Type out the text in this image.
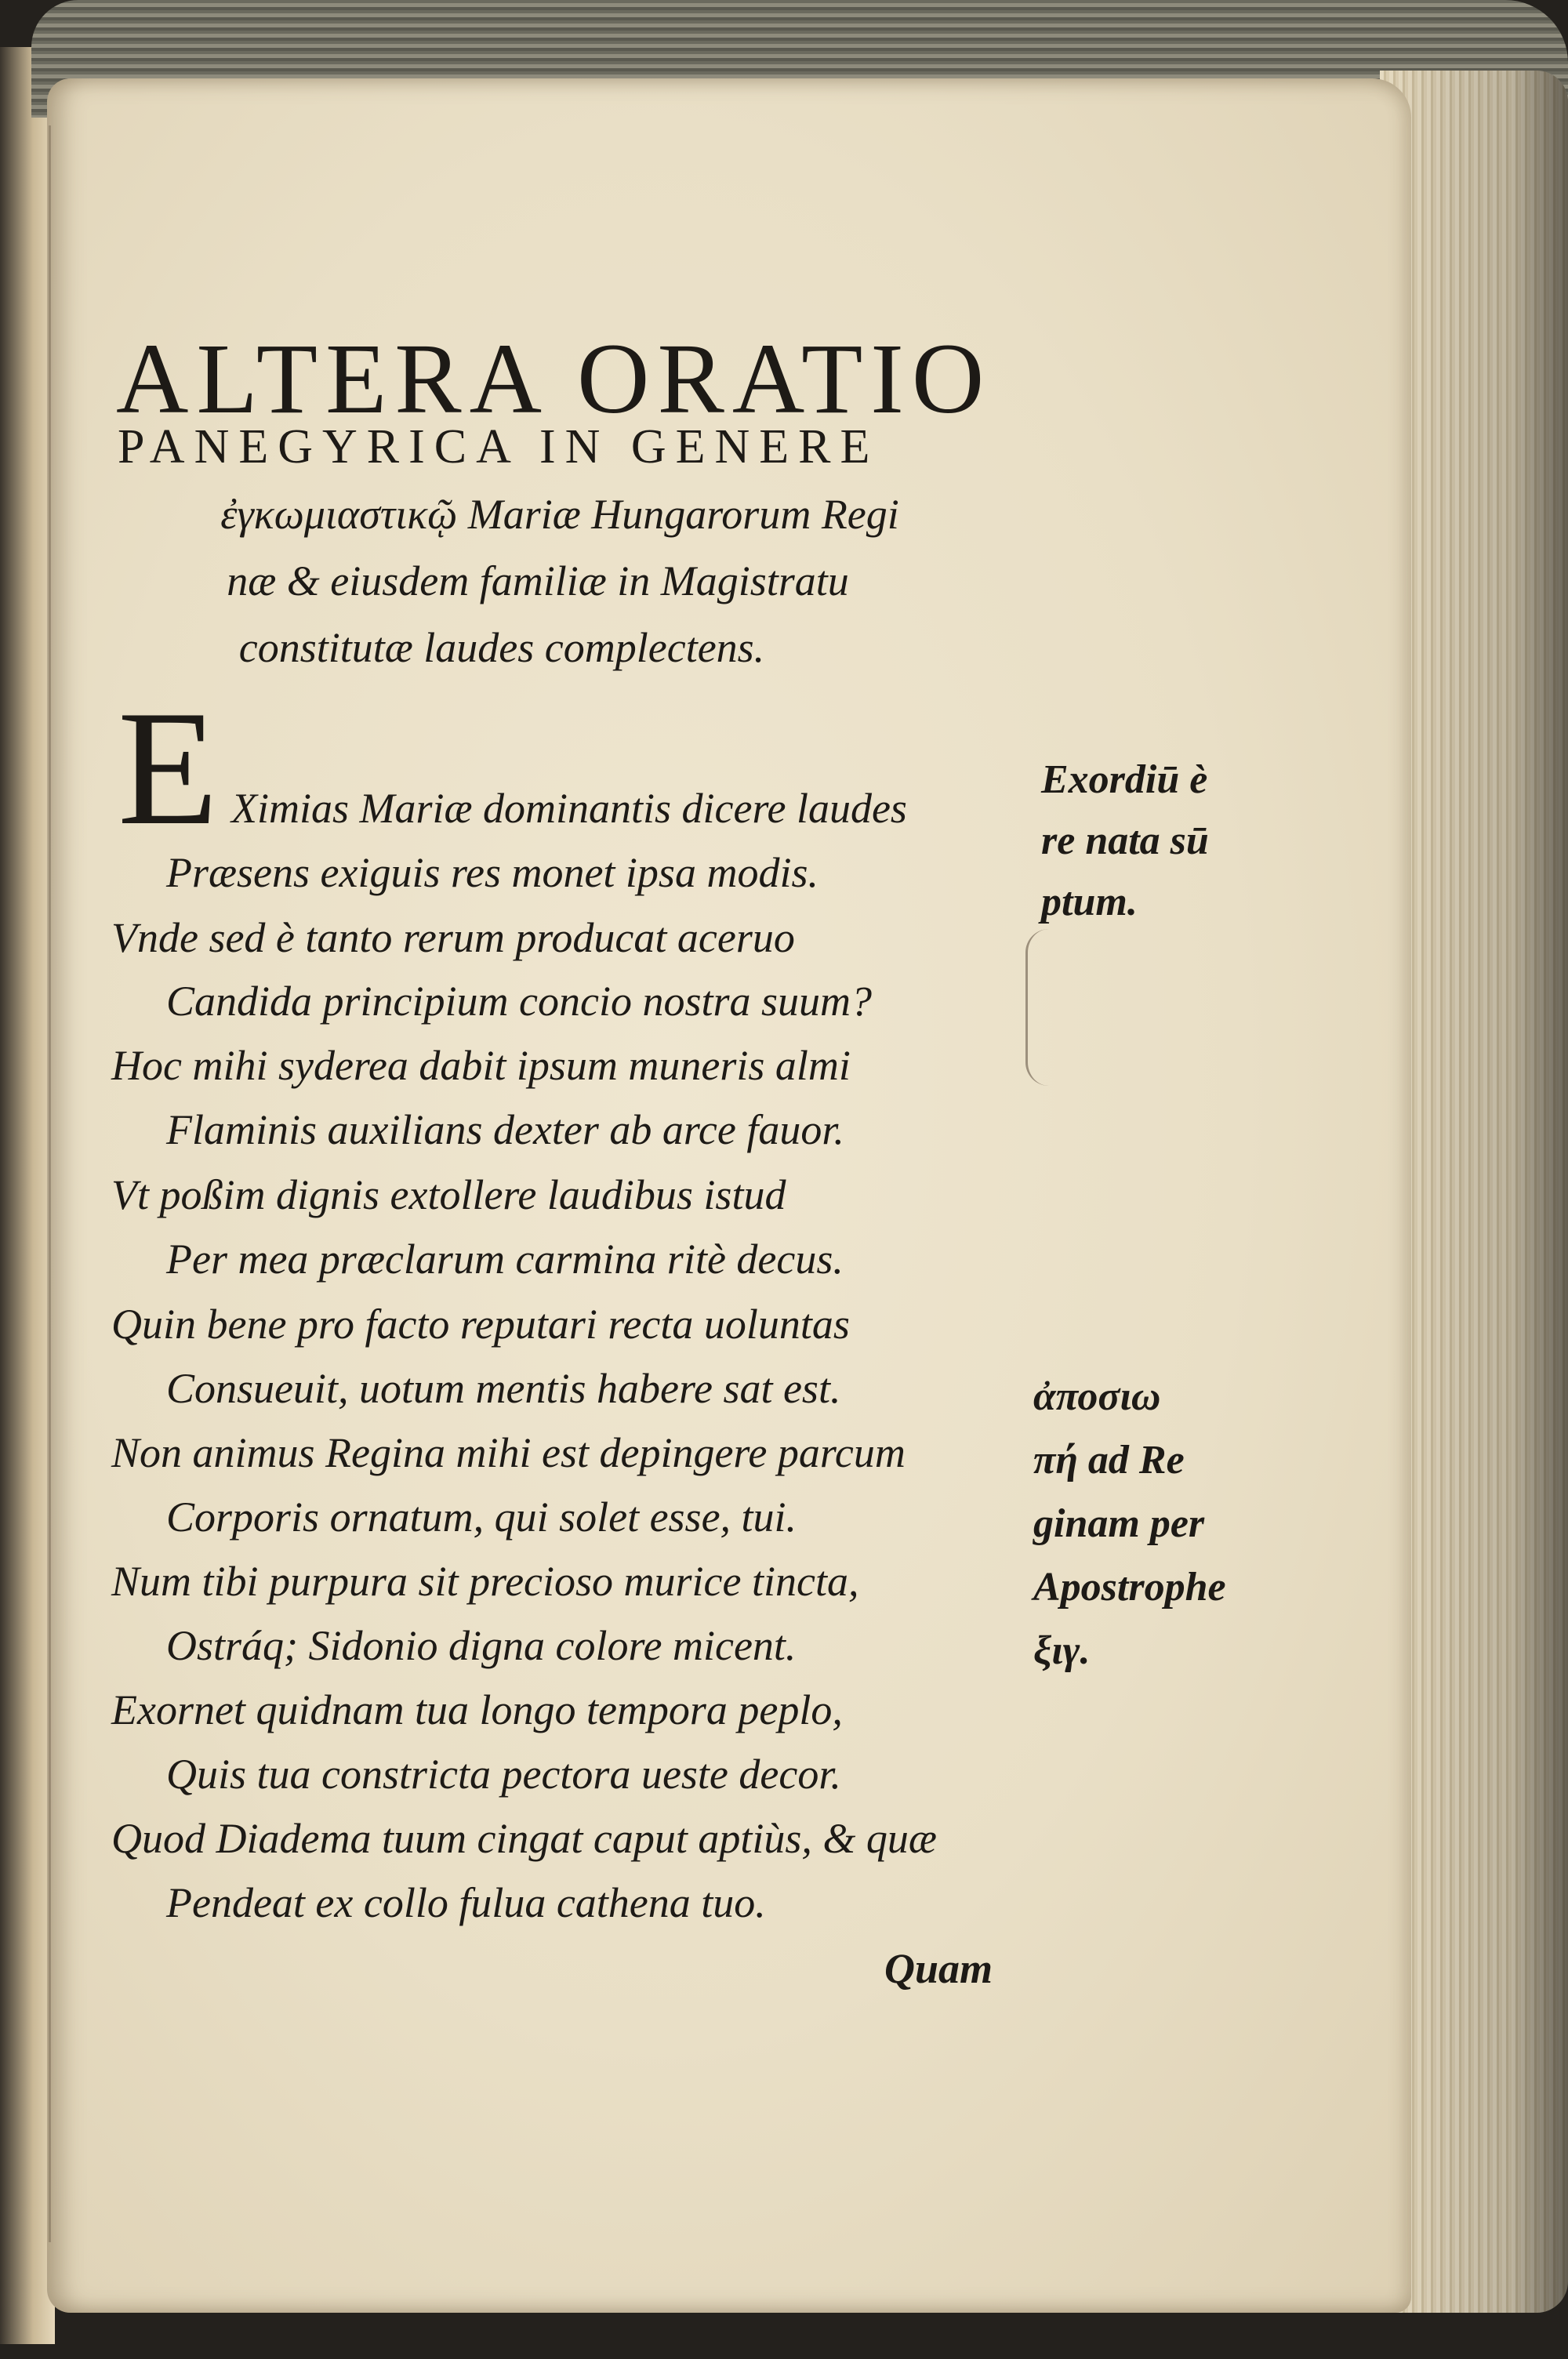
ALTERA ORATIO

PANEGYRICA IN GENERE

ἐγκωμιαστικῷ Mariæ Hungarorum Regi

næ & eiusdem familiæ in Magistratu

constitutæ laudes complectens.

E Ximias Mariæ dominantis dicere laudes

Præsens exiguis res monet ipsa modis.

Vnde sed è tanto rerum producat aceruo

Candida principium concio nostra suum?

Hoc mihi sydereа dabit ipsum muneris almi

Flaminis auxilians dexter ab arce fauor.

Vt poßim dignis extollere laudibus istud

Per mea præclarum carmina ritè decus.

Quin bene pro facto reputari recta uoluntas

Consueuit, uotum mentis habere sat est.

Non animus Regina mihi est depingere parcum

Corporis ornatum, qui solet esse, tui.

Num tibi purpura sit precioso murice tincta,

Ostráq; Sidonio digna colore micent.

Exornet quidnam tua longo tempora peplo,

Quis tua constricta pectora ueste decor.

Quod Diadema tuum cingat caput aptiùs, & quæ

Pendeat ex collo fulua cathena tuo.

Exordiū è

re nata sū

ptum.

ἀποσιω

πή ad Re

ginam per

Apostrophe

ξιγ.

Quam
